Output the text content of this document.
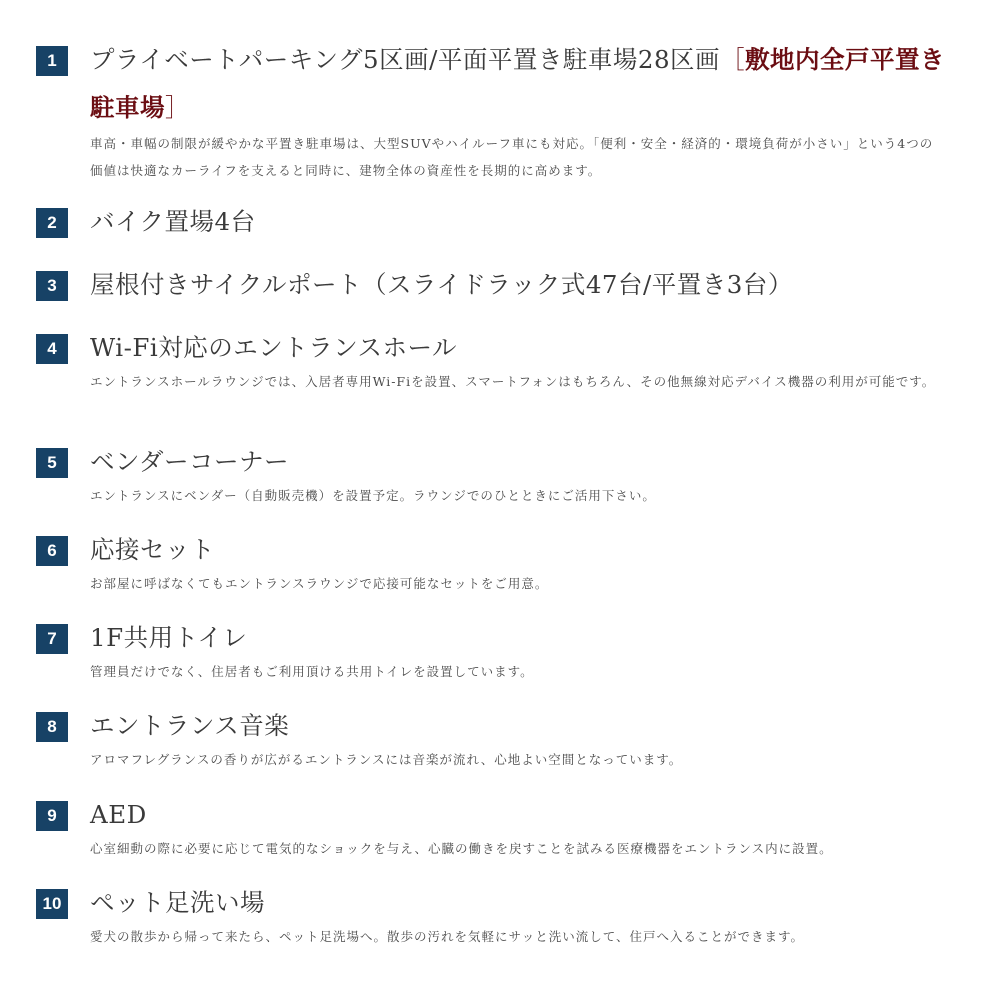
1	プライベートパーキング5区画/平面平置き駐車場28区画［敷地内全戸平置き駐車場］
車高・車幅の制限が緩やかな平置き駐車場は、大型SUVやハイルーフ車にも対応。「便利・安全・経済的・環境負荷が小さい」という4つの価値は快適なカーライフを支えると同時に、建物全体の資産性を長期的に高めます。
2	バイク置場4台
3	屋根付きサイクルポート（スライドラック式47台/平置き3台）
4	Wi-Fi対応のエントランスホール
エントランスホールラウンジでは、入居者専用Wi-Fiを設置、スマートフォンはもちろん、その他無線対応デバイス機器の利用が可能です。
5	ベンダーコーナー
エントランスにベンダー（自動販売機）を設置予定。ラウンジでのひとときにご活用下さい。
6	応接セット
お部屋に呼ばなくてもエントランスラウンジで応接可能なセットをご用意。
7	1F共用トイレ
管理員だけでなく、住居者もご利用頂ける共用トイレを設置しています。
8	エントランス音楽
アロマフレグランスの香りが広がるエントランスには音楽が流れ、心地よい空間となっています。
9	AED
心室細動の際に必要に応じて電気的なショックを与え、心臓の働きを戻すことを試みる医療機器をエントランス内に設置。
10 ペット足洗い場
愛犬の散歩から帰って来たら、ペット足洗場へ。散歩の汚れを気軽にサッと洗い流して、住戸へ入ることができます。
